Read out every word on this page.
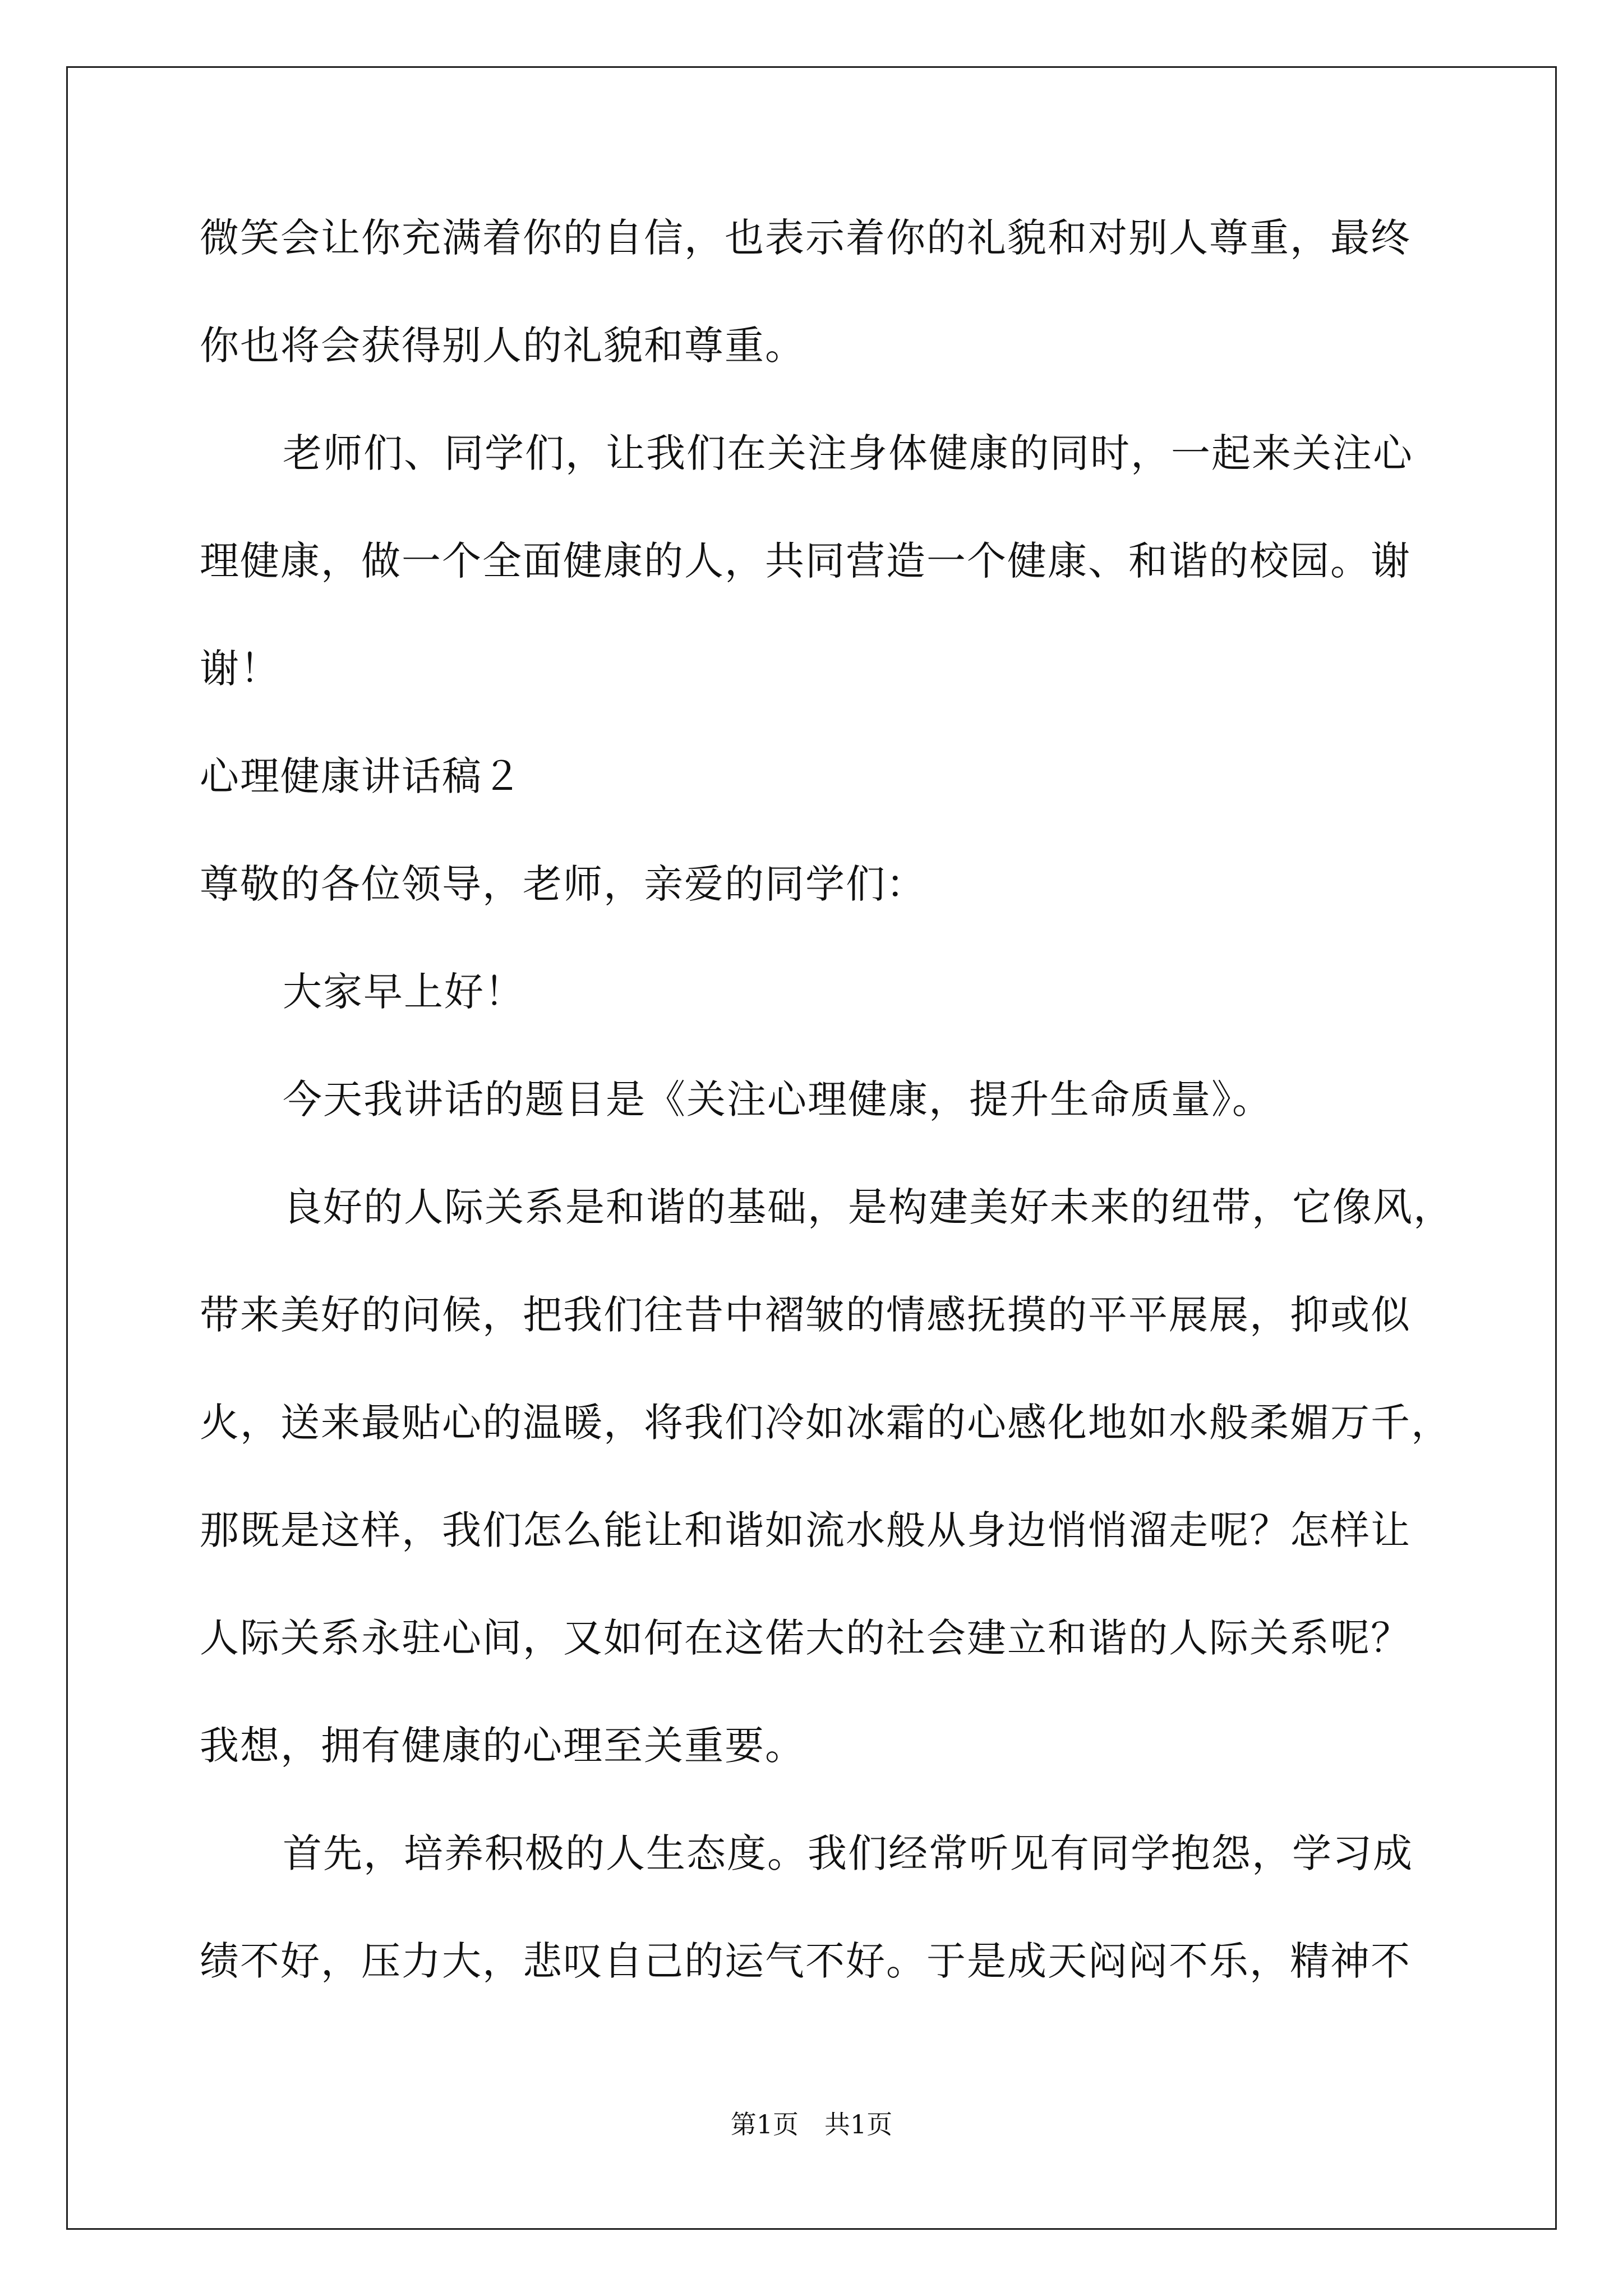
微笑会让你充满着你的自信，也表示着你的礼貌和对别人尊重，最终
你也将会获得别人的礼貌和尊重。
老师们、同学们，让我们在关注身体健康的同时，一起来关注心
理健康，做一个全面健康的人，共同营造一个健康、和谐的校园。谢
谢！
心理健康讲话稿２
尊敬的各位领导，老师，亲爱的同学们：
大家早上好！
今天我讲话的题目是《关注心理健康，提升生命质量》。
良好的人际关系是和谐的基础，是构建美好未来的纽带，它像风，
带来美好的问候，把我们往昔中褶皱的情感抚摸的平平展展，抑或似
火，送来最贴心的温暖，将我们冷如冰霜的心感化地如水般柔媚万千，
那既是这样，我们怎么能让和谐如流水般从身边悄悄溜走呢？怎样让
人际关系永驻心间，又如何在这偌大的社会建立和谐的人际关系呢？
我想，拥有健康的心理至关重要。
首先，培养积极的人生态度。我们经常听见有同学抱怨，学习成
绩不好，压力大，悲叹自己的运气不好。于是成天闷闷不乐，精神不
第1页　共1页
